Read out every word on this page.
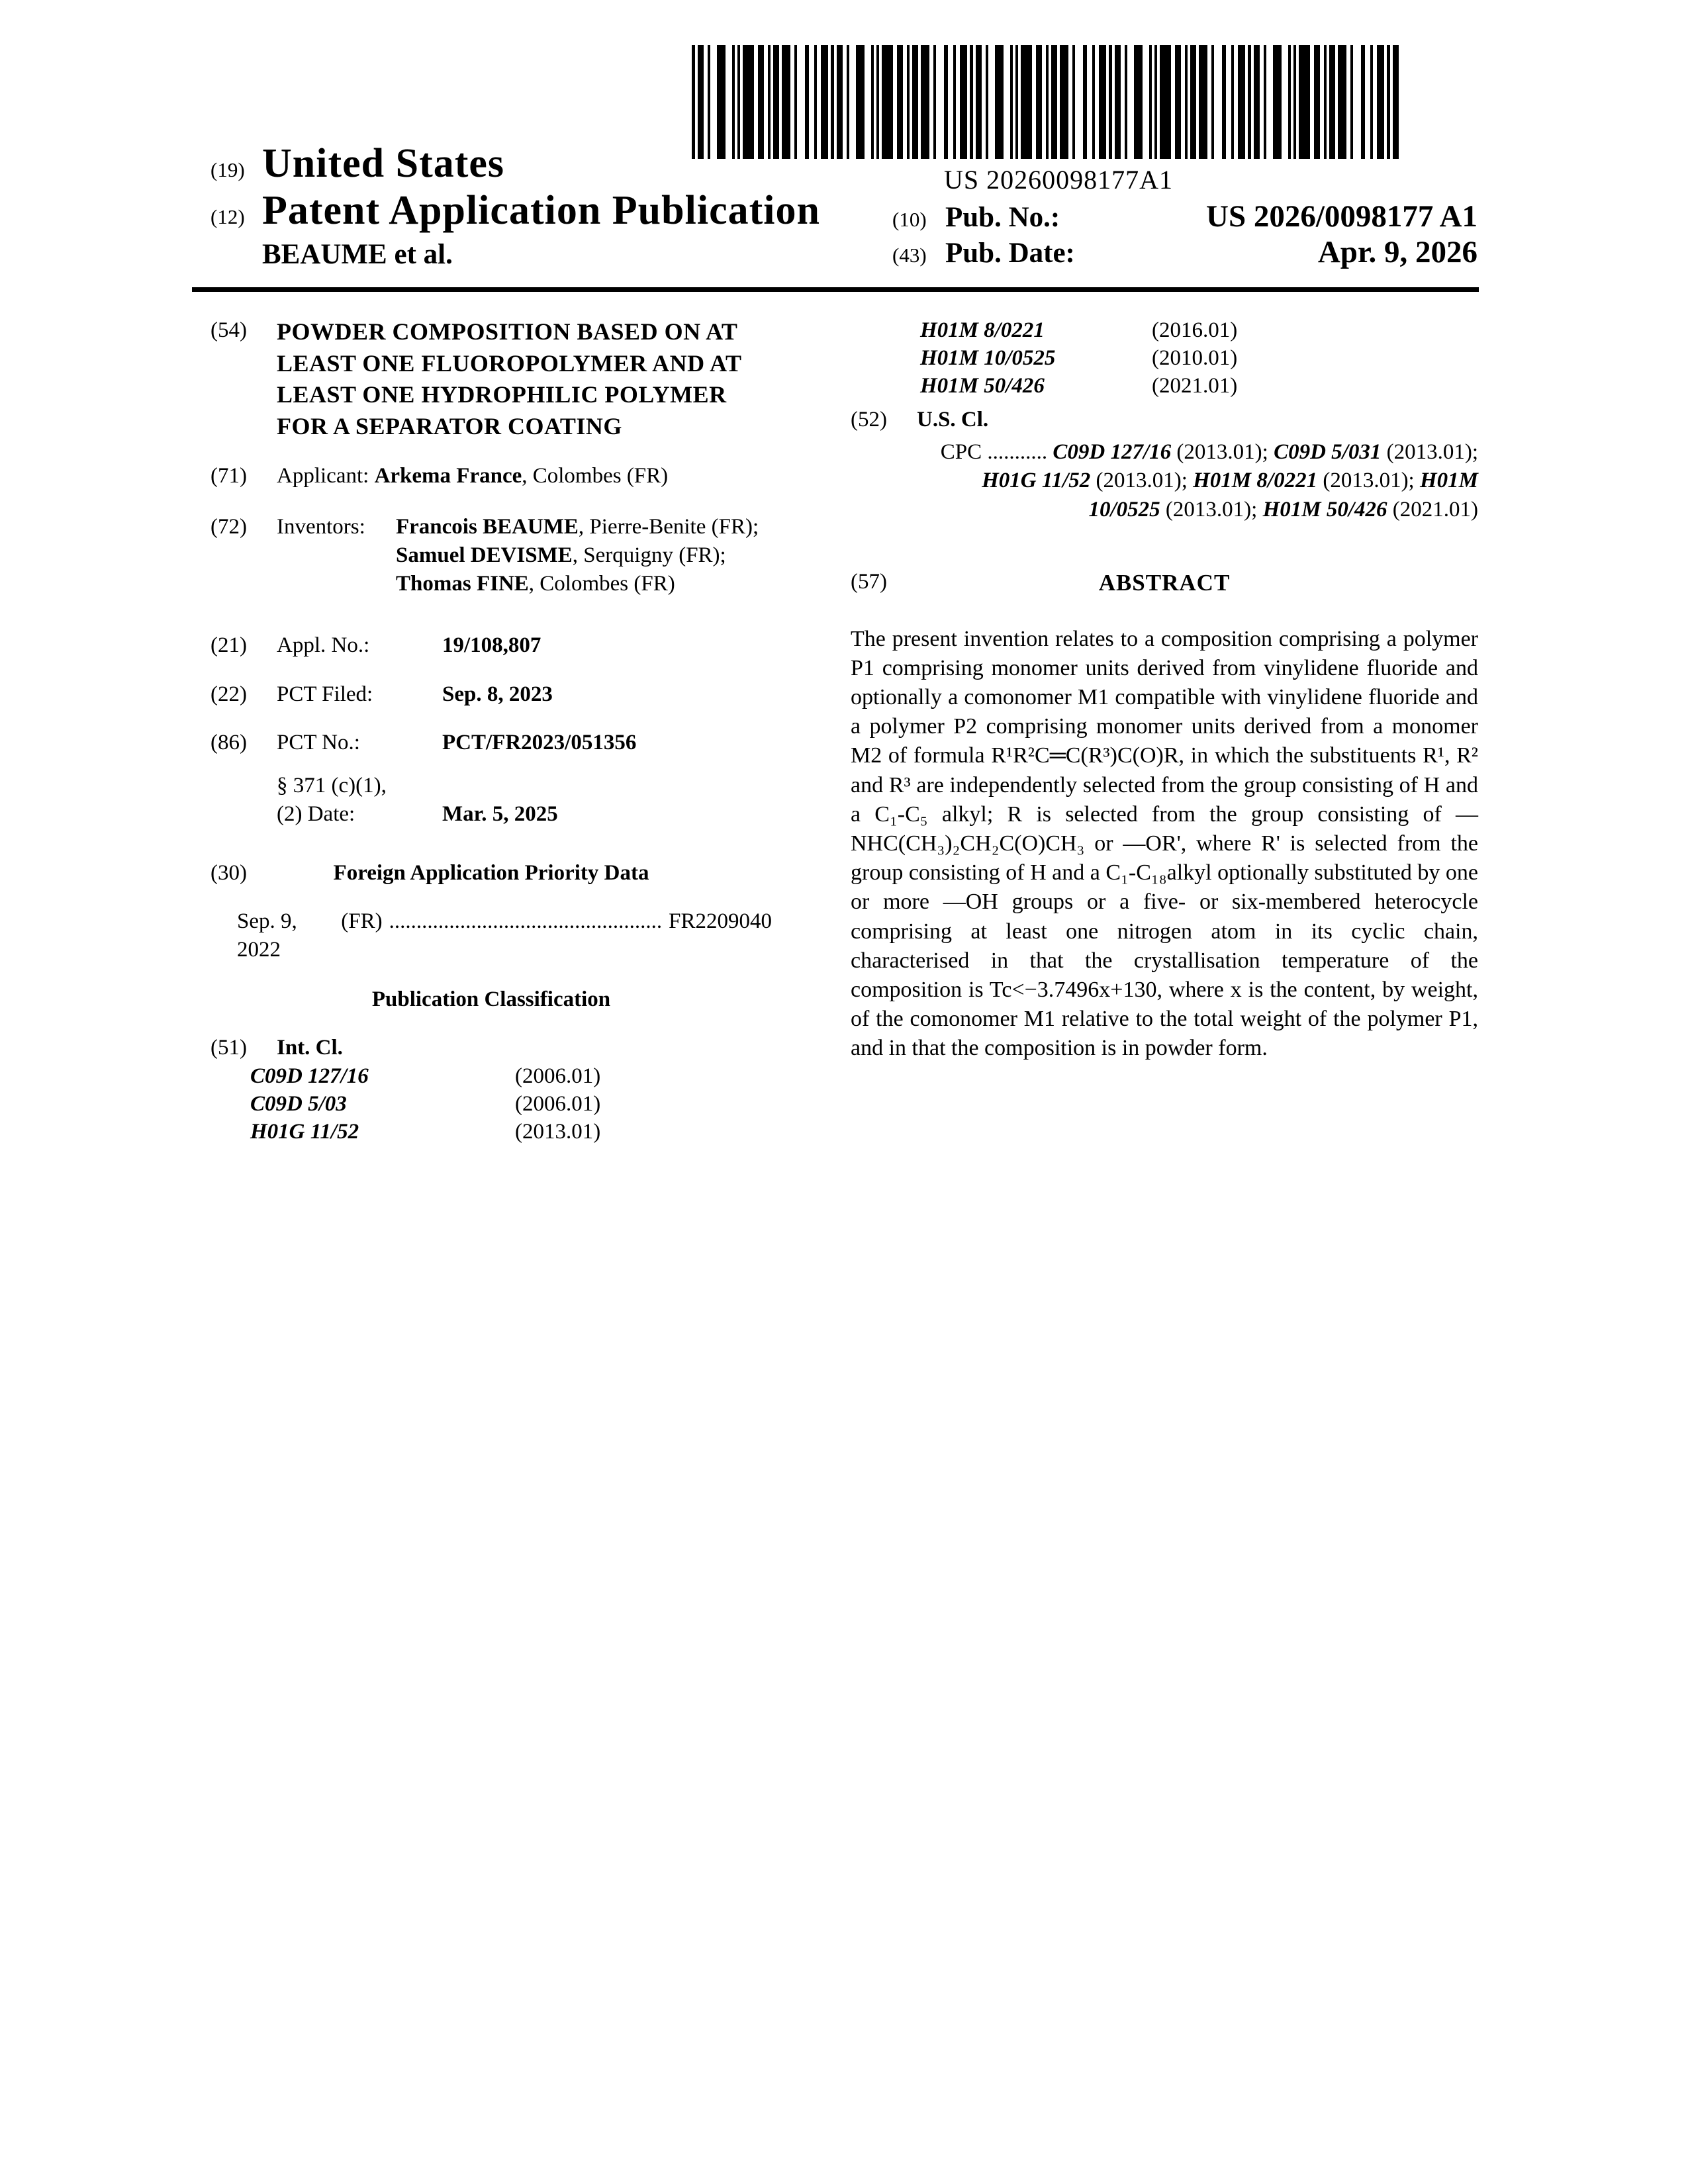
US 20260098177A1
(19) United States
(12) Patent Application Publication
BEAUME et al.
(10) Pub. No.:	US 2026/0098177 A1
(43) Pub. Date:	Apr. 9, 2026
(54)	POWDER COMPOSITION BASED ON AT LEAST ONE FLUOROPOLYMER AND AT LEAST ONE HYDROPHILIC POLYMER FOR A SEPARATOR COATING
(71)	Applicant: Arkema France, Colombes (FR)
(72)	Inventors:	Francois BEAUME, Pierre-Benite (FR); Samuel DEVISME, Serquigny (FR); Thomas FINE, Colombes (FR)
(21)	Appl. No.:	19/108,807
(22)	PCT Filed:	Sep. 8, 2023
(86)	PCT No.:	PCT/FR2023/051356
§ 371 (c)(1),
(2) Date:	Mar. 5, 2025
(30)	Foreign Application Priority Data
Sep. 9, 2022
(FR) .................................................. FR2209040
Publication Classification
(51)	Int. Cl.
C09D 127/16	(2006.01)
C09D 5/03	(2006.01)
H01G 11/52	(2013.01)
H01M 8/0221	(2016.01)
H01M 10/0525	(2010.01)
H01M 50/426	(2021.01)
(52)	U.S. Cl.
CPC ........... C09D 127/16 (2013.01); C09D 5/031 (2013.01); H01G 11/52 (2013.01); H01M 8/0221 (2013.01); H01M 10/0525 (2013.01); H01M 50/426 (2021.01)
(57)	ABSTRACT
The present invention relates to a composition comprising a polymer P1 comprising monomer units derived from vinylidene fluoride and optionally a comonomer M1 compatible with vinylidene fluoride and a polymer P2 comprising monomer units derived from a monomer M2 of formula R¹R²C═C(R³)C(O)R, in which the substituents R¹, R² and R³ are independently selected from the group consisting of H and a C₁-C₅ alkyl; R is selected from the group consisting of —NHC(CH₃)₂CH₂C(O)CH₃ or —OR', where R' is selected from the group consisting of H and a C₁-C₁₈alkyl optionally substituted by one or more —OH groups or a five- or six-membered heterocycle comprising at least one nitrogen atom in its cyclic chain, characterised in that the crystallisation temperature of the composition is Tc<−3.7496x+130, where x is the content, by weight, of the comonomer M1 relative to the total weight of the polymer P1, and in that the composition is in powder form.
